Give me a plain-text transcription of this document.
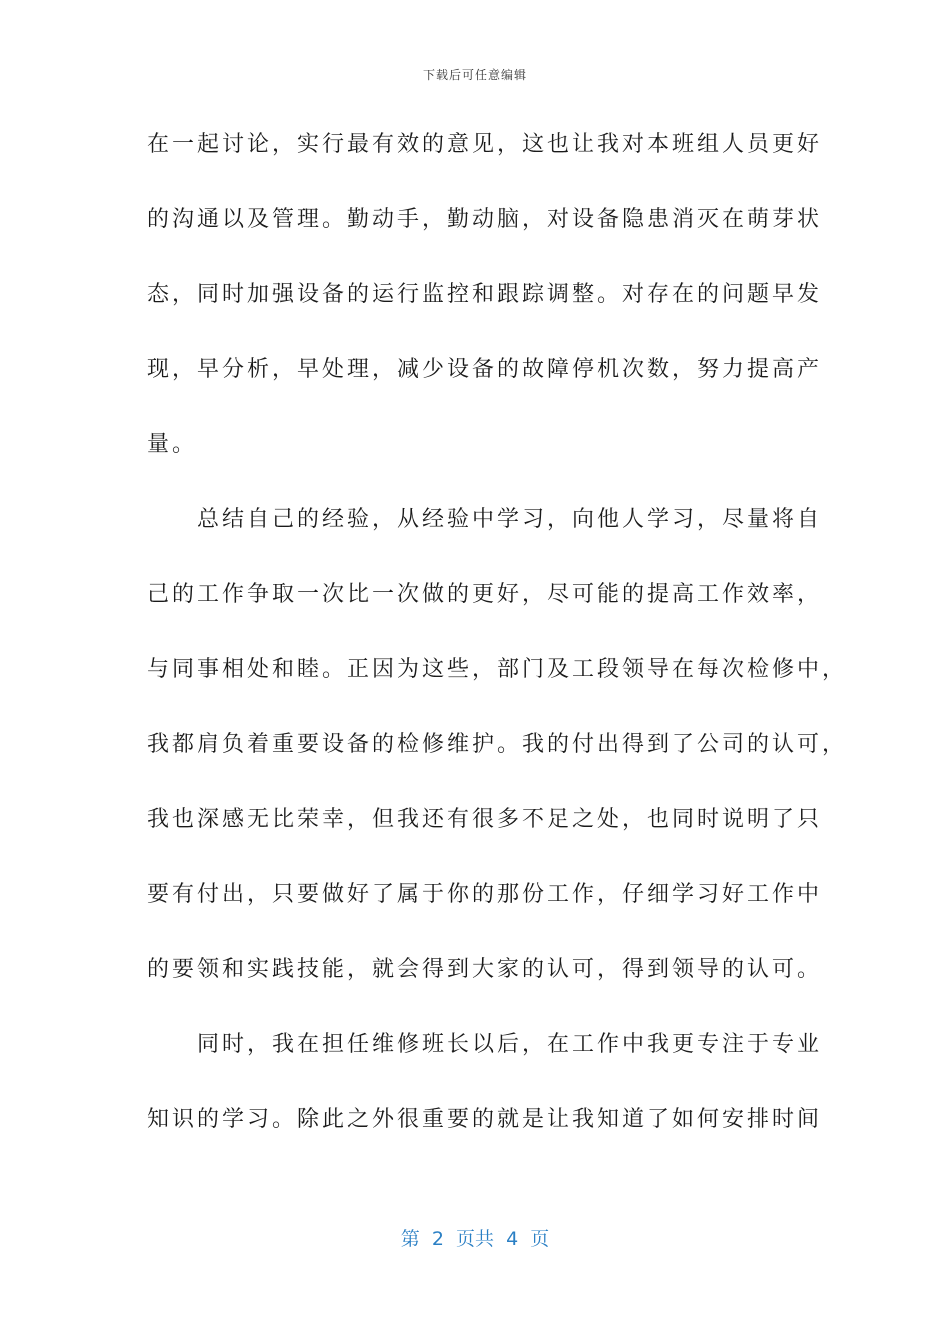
下载后可任意编辑
在一起讨论，实行最有效的意见，这也让我对本班组人员更好
的沟通以及管理。勤动手，勤动脑，对设备隐患消灭在萌芽状
态，同时加强设备的运行监控和跟踪调整。对存在的问题早发
现，早分析，早处理，减少设备的故障停机次数，努力提高产
量。
　　总结自己的经验，从经验中学习，向他人学习，尽量将自
己的工作争取一次比一次做的更好，尽可能的提高工作效率，
与同事相处和睦。正因为这些，部门及工段领导在每次检修中，
我都肩负着重要设备的检修维护。我的付出得到了公司的认可，
我也深感无比荣幸，但我还有很多不足之处，也同时说明了只
要有付出，只要做好了属于你的那份工作，仔细学习好工作中
的要领和实践技能，就会得到大家的认可，得到领导的认可。
　　同时，我在担任维修班长以后，在工作中我更专注于专业
知识的学习。除此之外很重要的就是让我知道了如何安排时间
第  2  页共  4  页
